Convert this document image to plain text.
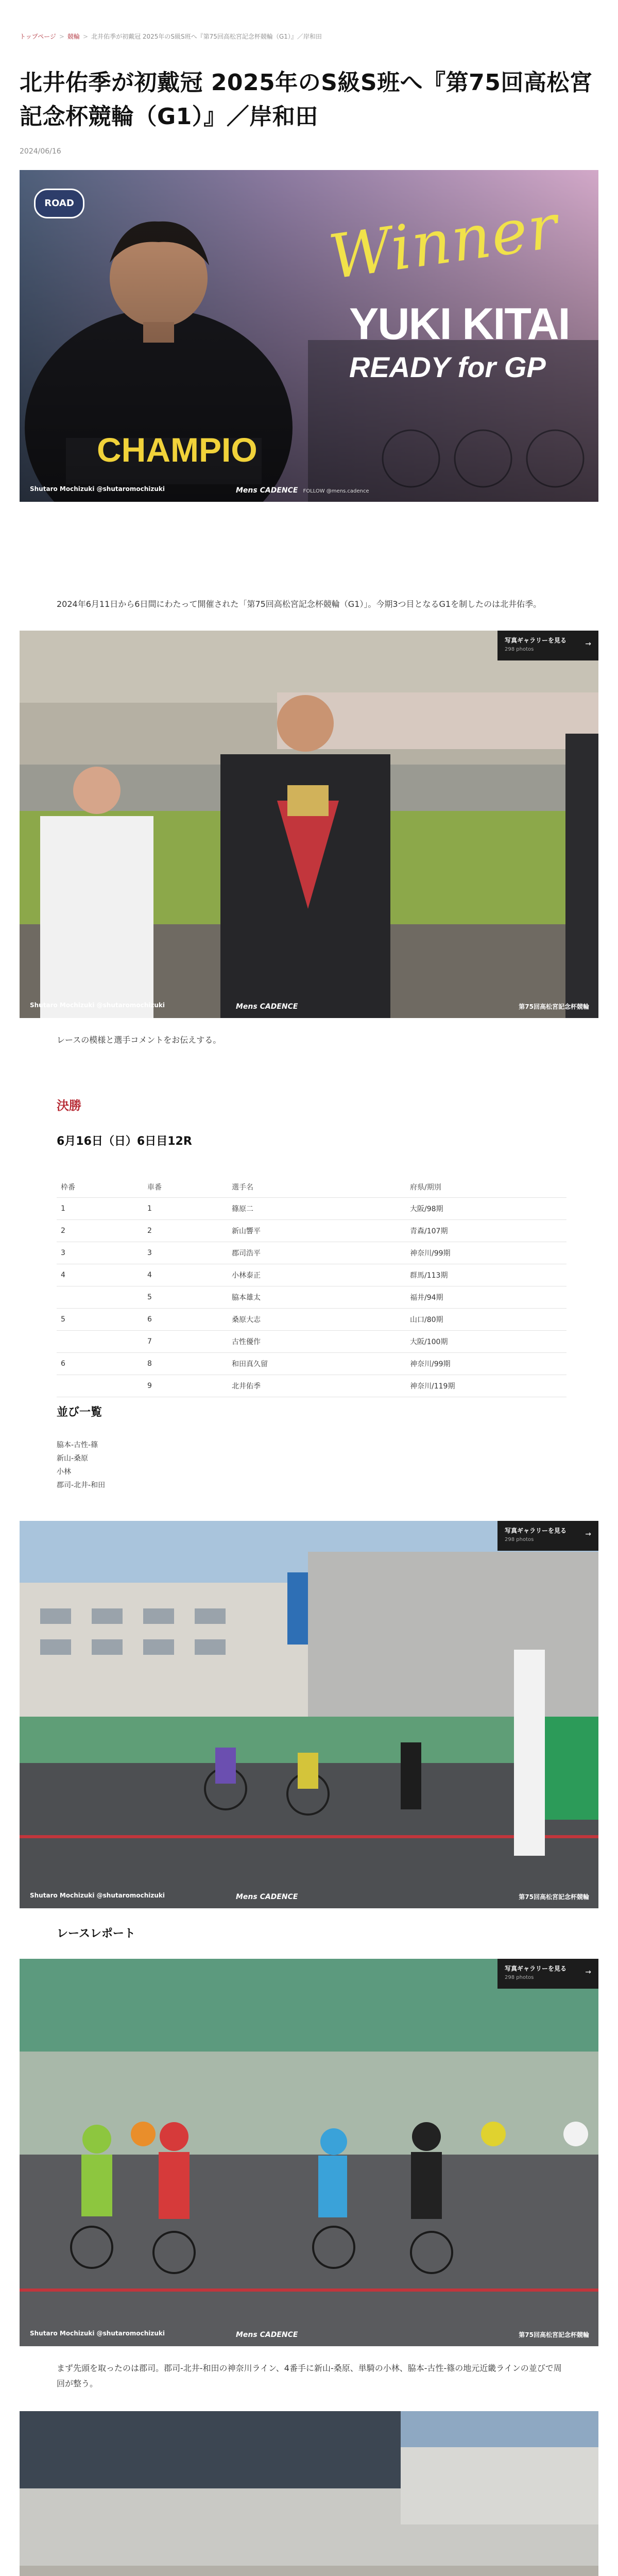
トップページ > 競輪 > 北井佑季が初戴冠 2025年のS級S班へ『第75回高松宮記念杯競輪（G1）』／岸和田
北井佑季が初戴冠 2025年のS級S班へ『第75回高松宮記念杯競輪（G1）』／岸和田
2024/06/16
ROAD	Winner
YUKI KITAI
READY for GP
CHAMPIO
Shutaro Mochizuki @shutaromochizuki	Mens CADENCE FOLLOW @mens.cadence

2024年6月11日から6日間にわたって開催された「第75回高松宮記念杯競輪（G1）」。今期3つ目となるG1を制したのは北井佑季。

写真ギャラリーを見る
298 photos
→
Shutaro Mochizuki @shutaromochizuki	Mens CADENCE	第75回高松宮記念杯競輪

レースの模様と選手コメントをお伝えする。

決勝
6月16日（日）6日目12R
枠番	車番	選手名	府県/期別
1	1	篠原二	大阪/98期
2	2	新山響平	青森/107期
3	3	郡司浩平	神奈川/99期
4	4	小林泰正	群馬/113期
	5	脇本雄太	福井/94期
5	6	桑原大志	山口/80期
	7	古性優作	大阪/100期
6	8	和田真久留	神奈川/99期
	9	北井佑季	神奈川/119期
並び一覧
脇本-古性-篠
新山-桑原
小林
郡司-北井-和田
写真ギャラリーを見る
298 photos
→
Shutaro Mochizuki @shutaromochizuki	Mens CADENCE	第75回高松宮記念杯競輪
レースレポート
写真ギャラリーを見る
298 photos
→
Shutaro Mochizuki @shutaromochizuki	Mens CADENCE	第75回高松宮記念杯競輪

まず先頭を取ったのは郡司。郡司-北井-和田の神奈川ライン、4番手に新山-桑原、単騎の小林、脇本-古性-篠の地元近畿ラインの並びで周回が整う。
